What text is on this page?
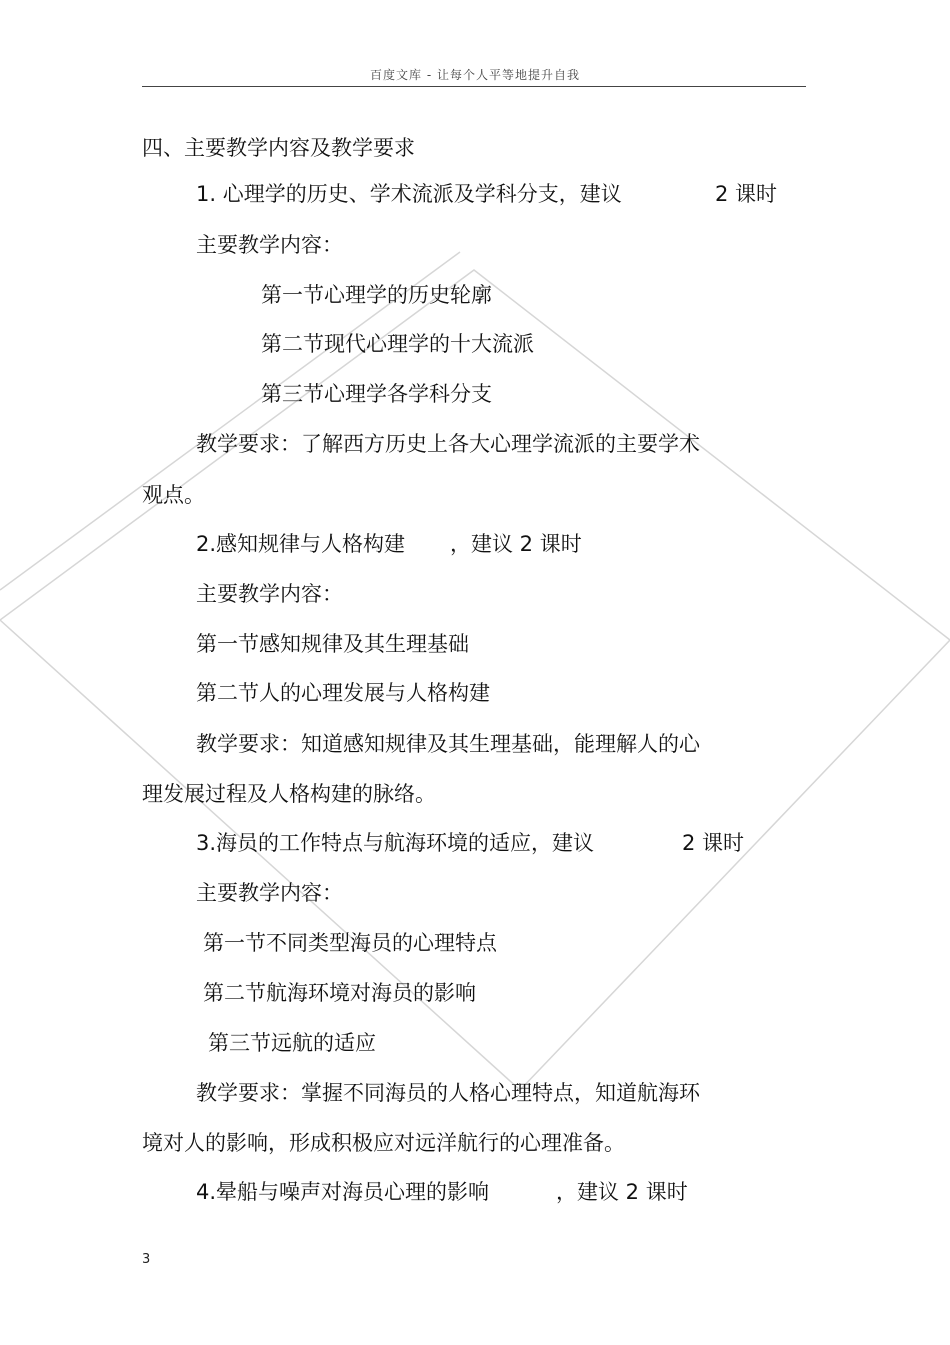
百度文库 - 让每个人平等地提升自我
四、主要教学内容及教学要求
1. 心理学的历史、学术流派及学科分支，建议	2 课时
主要教学内容：
第一节心理学的历史轮廓
第二节现代心理学的十大流派
第三节心理学各学科分支
教学要求：了解西方历史上各大心理学流派的主要学术
观点。
2.感知规律与人格构建 ，建议 2 课时
主要教学内容：
第一节感知规律及其生理基础
第二节人的心理发展与人格构建
教学要求：知道感知规律及其生理基础，能理解人的心
理发展过程及人格构建的脉络。
3.海员的工作特点与航海环境的适应，建议	2 课时
主要教学内容：
第一节不同类型海员的心理特点
第二节航海环境对海员的影响
第三节远航的适应
教学要求：掌握不同海员的人格心理特点，知道航海环
境对人的影响，形成积极应对远洋航行的心理准备。
4.晕船与噪声对海员心理的影响	，建议 2 课时
3
